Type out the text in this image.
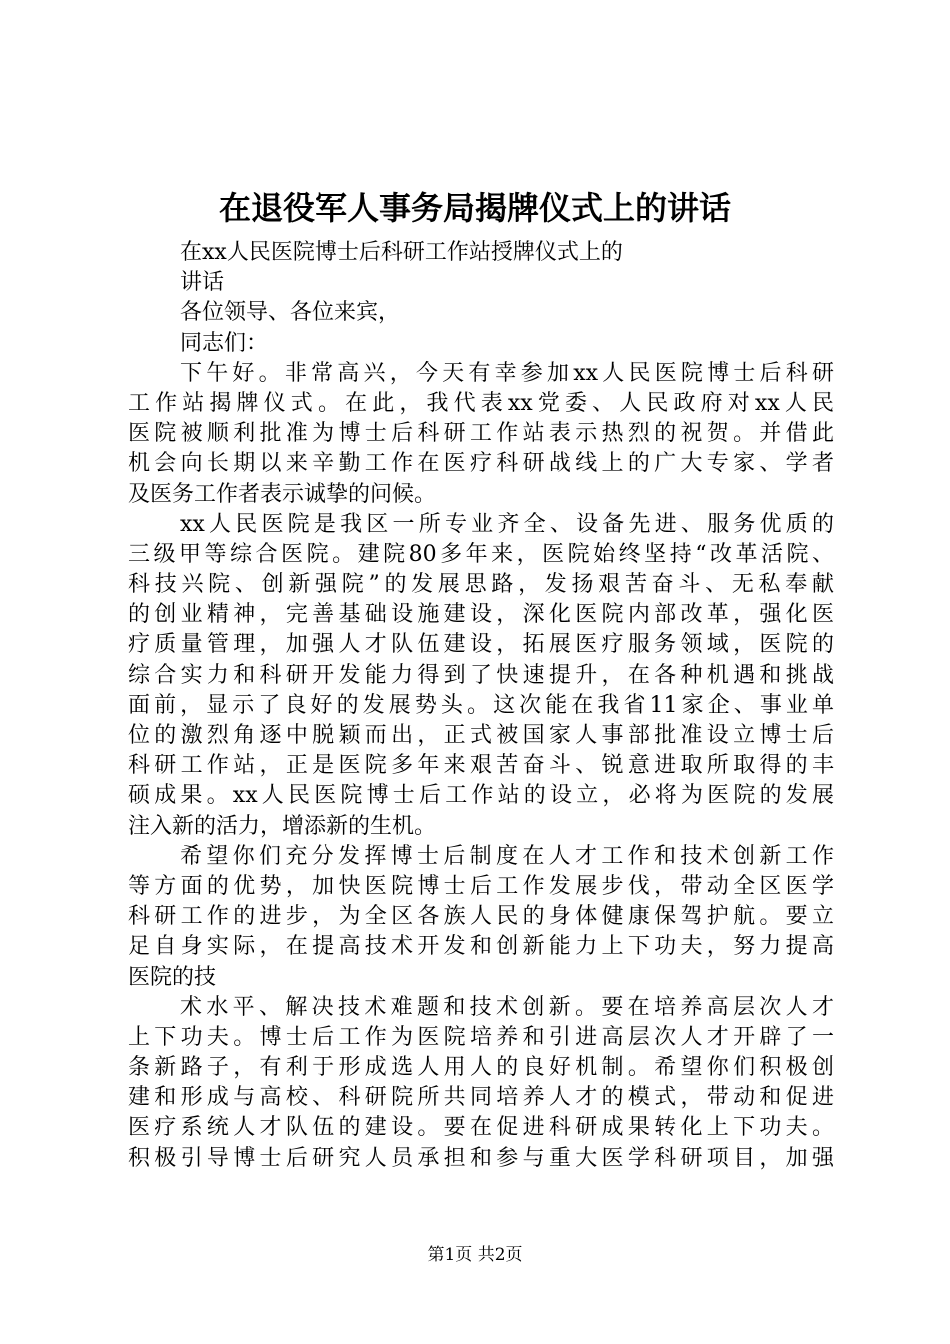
在退役军人事务局揭牌仪式上的讲话
在xx人民医院博士后科研工作站授牌仪式上的
讲话
各位领导、各位来宾，
同志们：
下午好。非常高兴，今天有幸参加xx人民医院博士后科研
工作站揭牌仪式。在此，我代表xx党委、人民政府对xx人民
医院被顺利批准为博士后科研工作站表示热烈的祝贺。并借此
机会向长期以来辛勤工作在医疗科研战线上的广大专家、学者
及医务工作者表示诚挚的问候。
xx人民医院是我区一所专业齐全、设备先进、服务优质的
三级甲等综合医院。建院80多年来，医院始终坚持“改革活院、
科技兴院、创新强院”的发展思路，发扬艰苦奋斗、无私奉献
的创业精神，完善基础设施建设，深化医院内部改革，强化医
疗质量管理，加强人才队伍建设，拓展医疗服务领域，医院的
综合实力和科研开发能力得到了快速提升，在各种机遇和挑战
面前，显示了良好的发展势头。这次能在我省11家企、事业单
位的激烈角逐中脱颖而出，正式被国家人事部批准设立博士后
科研工作站，正是医院多年来艰苦奋斗、锐意进取所取得的丰
硕成果。xx人民医院博士后工作站的设立，必将为医院的发展
注入新的活力，增添新的生机。
希望你们充分发挥博士后制度在人才工作和技术创新工作
等方面的优势，加快医院博士后工作发展步伐，带动全区医学
科研工作的进步，为全区各族人民的身体健康保驾护航。要立
足自身实际，在提高技术开发和创新能力上下功夫，努力提高
医院的技
术水平、解决技术难题和技术创新。要在培养高层次人才
上下功夫。博士后工作为医院培养和引进高层次人才开辟了一
条新路子，有利于形成选人用人的良好机制。希望你们积极创
建和形成与高校、科研院所共同培养人才的模式，带动和促进
医疗系统人才队伍的建设。要在促进科研成果转化上下功夫。
积极引导博士后研究人员承担和参与重大医学科研项目，加强
第1页 共2页
